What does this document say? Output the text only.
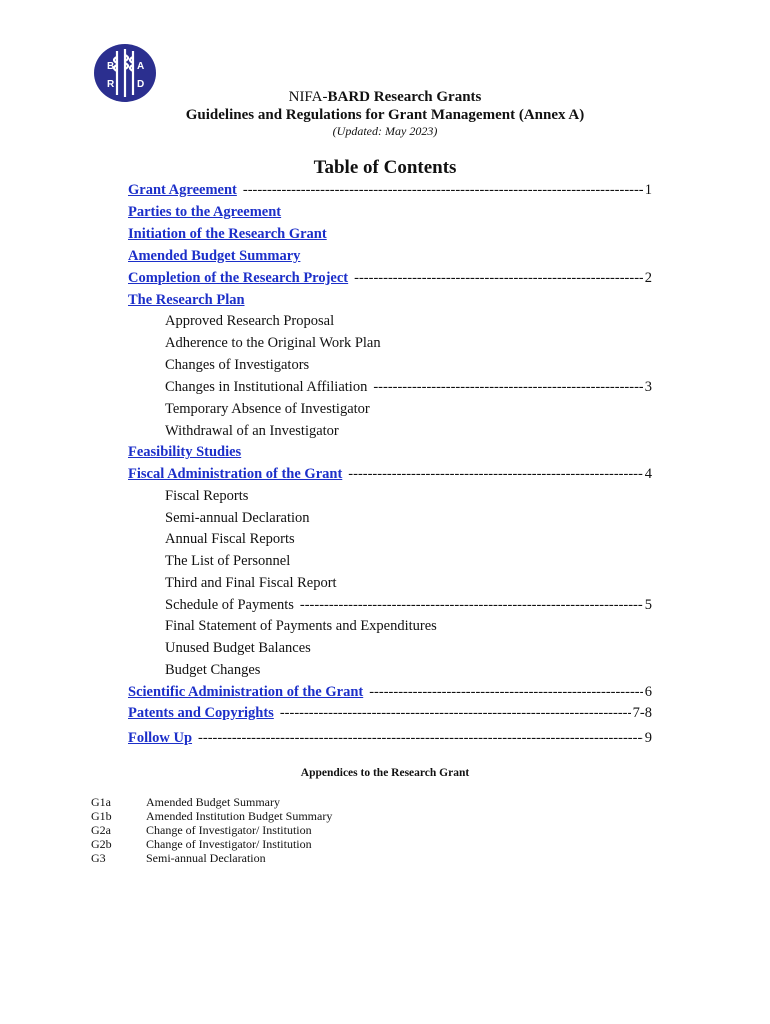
B A
R D
NIFA-BARD Research Grants
Guidelines and Regulations for Grant Management (Annex A)
(Updated: May 2023)
Table of Contents
Grant Agreement -----	1
Parties to the Agreement
Initiation of the Research Grant
Amended Budget Summary
Completion of the Research Project -----	2
The Research Plan
Approved Research Proposal
Adherence to the Original Work Plan
Changes of Investigators
Changes in Institutional Affiliation -----	3
Temporary Absence of Investigator
Withdrawal of an Investigator
Feasibility Studies
Fiscal Administration of the Grant -----	4
Fiscal Reports
Semi-annual Declaration
Annual Fiscal Reports
The List of Personnel
Third and Final Fiscal Report
Schedule of Payments -----	5
Final Statement of Payments and Expenditures
Unused Budget Balances
Budget Changes
Scientific Administration of the Grant -----	6
Patents and Copyrights -----	7-8
Follow Up -----	9
Appendices to the Research Grant
G1a	Amended Budget Summary
G1b	Amended Institution Budget Summary
G2a	Change of Investigator/ Institution
G2b	Change of Investigator/ Institution
G3	Semi-annual Declaration
